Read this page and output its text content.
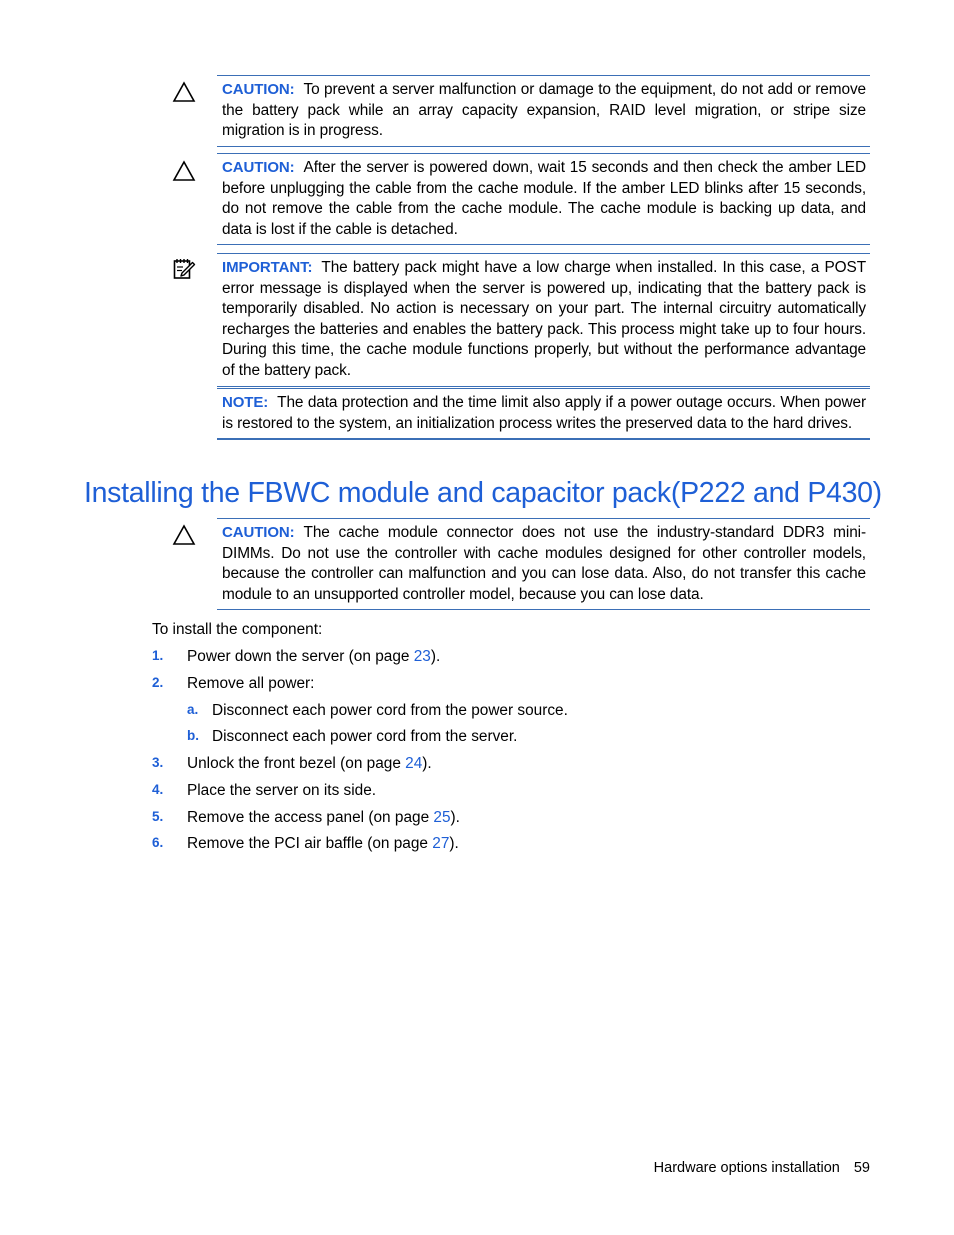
CAUTION: To prevent a server malfunction or damage to the equipment, do not add or remove the battery pack while an array capacity expansion, RAID level migration, or stripe size migration is in progress.
CAUTION: After the server is powered down, wait 15 seconds and then check the amber LED before unplugging the cable from the cache module. If the amber LED blinks after 15 seconds, do not remove the cable from the cache module. The cache module is backing up data, and data is lost if the cable is detached.
IMPORTANT: The battery pack might have a low charge when installed. In this case, a POST error message is displayed when the server is powered up, indicating that the battery pack is temporarily disabled. No action is necessary on your part. The internal circuitry automatically recharges the batteries and enables the battery pack. This process might take up to four hours. During this time, the cache module functions properly, but without the performance advantage of the battery pack.
NOTE: The data protection and the time limit also apply if a power outage occurs. When power is restored to the system, an initialization process writes the preserved data to the hard drives.
Installing the FBWC module and capacitor pack(P222 and P430)
CAUTION: The cache module connector does not use the industry-standard DDR3 mini-DIMMs. Do not use the controller with cache modules designed for other controller models, because the controller can malfunction and you can lose data. Also, do not transfer this cache module to an unsupported controller model, because you can lose data.
To install the component:
1. Power down the server (on page 23).
2. Remove all power:
a. Disconnect each power cord from the power source.
b. Disconnect each power cord from the server.
3. Unlock the front bezel (on page 24).
4. Place the server on its side.
5. Remove the access panel (on page 25).
6. Remove the PCI air baffle (on page 27).
Hardware options installation 59
